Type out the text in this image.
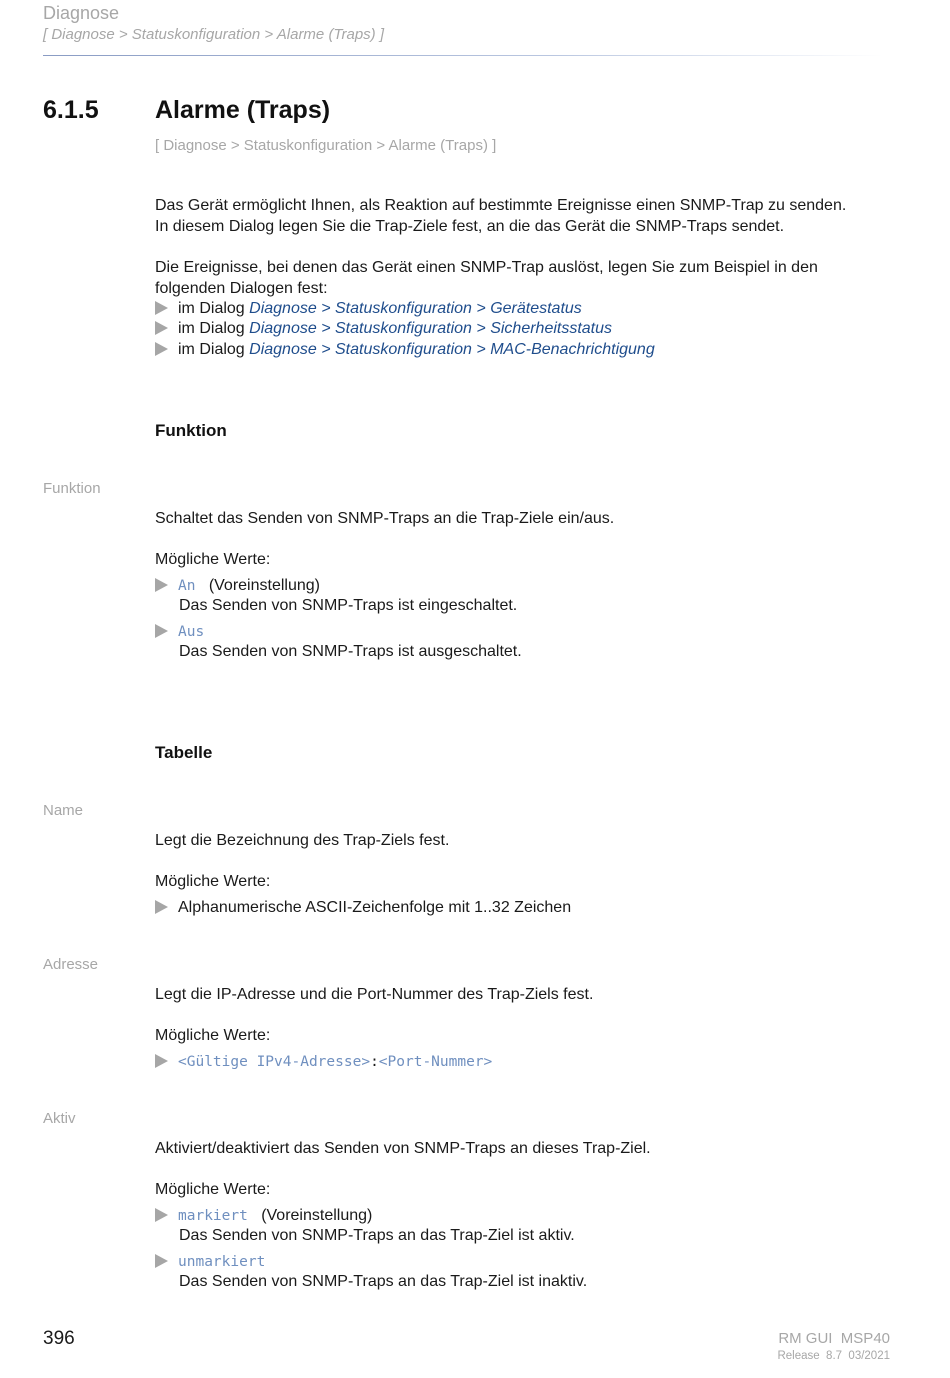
Diagnose
[ Diagnose > Statuskonfiguration > Alarme (Traps) ]
6.1.5 Alarme (Traps)
[ Diagnose > Statuskonfiguration > Alarme (Traps) ]
Das Gerät ermöglicht Ihnen, als Reaktion auf bestimmte Ereignisse einen SNMP-Trap zu senden.
In diesem Dialog legen Sie die Trap-Ziele fest, an die das Gerät die SNMP-Traps sendet.
Die Ereignisse, bei denen das Gerät einen SNMP-Trap auslöst, legen Sie zum Beispiel in den
folgenden Dialogen fest:
im Dialog Diagnose > Statuskonfiguration > Gerätestatus
im Dialog Diagnose > Statuskonfiguration > Sicherheitsstatus
im Dialog Diagnose > Statuskonfiguration > MAC-Benachrichtigung
Funktion
Funktion
Schaltet das Senden von SNMP-Traps an die Trap-Ziele ein/aus.
Mögliche Werte:
An (Voreinstellung)
Das Senden von SNMP-Traps ist eingeschaltet.
Aus
Das Senden von SNMP-Traps ist ausgeschaltet.
Tabelle
Name
Legt die Bezeichnung des Trap-Ziels fest.
Mögliche Werte:
Alphanumerische ASCII-Zeichenfolge mit 1..32 Zeichen
Adresse
Legt die IP-Adresse und die Port-Nummer des Trap-Ziels fest.
Mögliche Werte:
<Gültige IPv4-Adresse>:<Port-Nummer>
Aktiv
Aktiviert/deaktiviert das Senden von SNMP-Traps an dieses Trap-Ziel.
Mögliche Werte:
markiert (Voreinstellung)
Das Senden von SNMP-Traps an das Trap-Ziel ist aktiv.
unmarkiert
Das Senden von SNMP-Traps an das Trap-Ziel ist inaktiv.
396	RM GUI  MSP40
Release  8.7  03/2021
